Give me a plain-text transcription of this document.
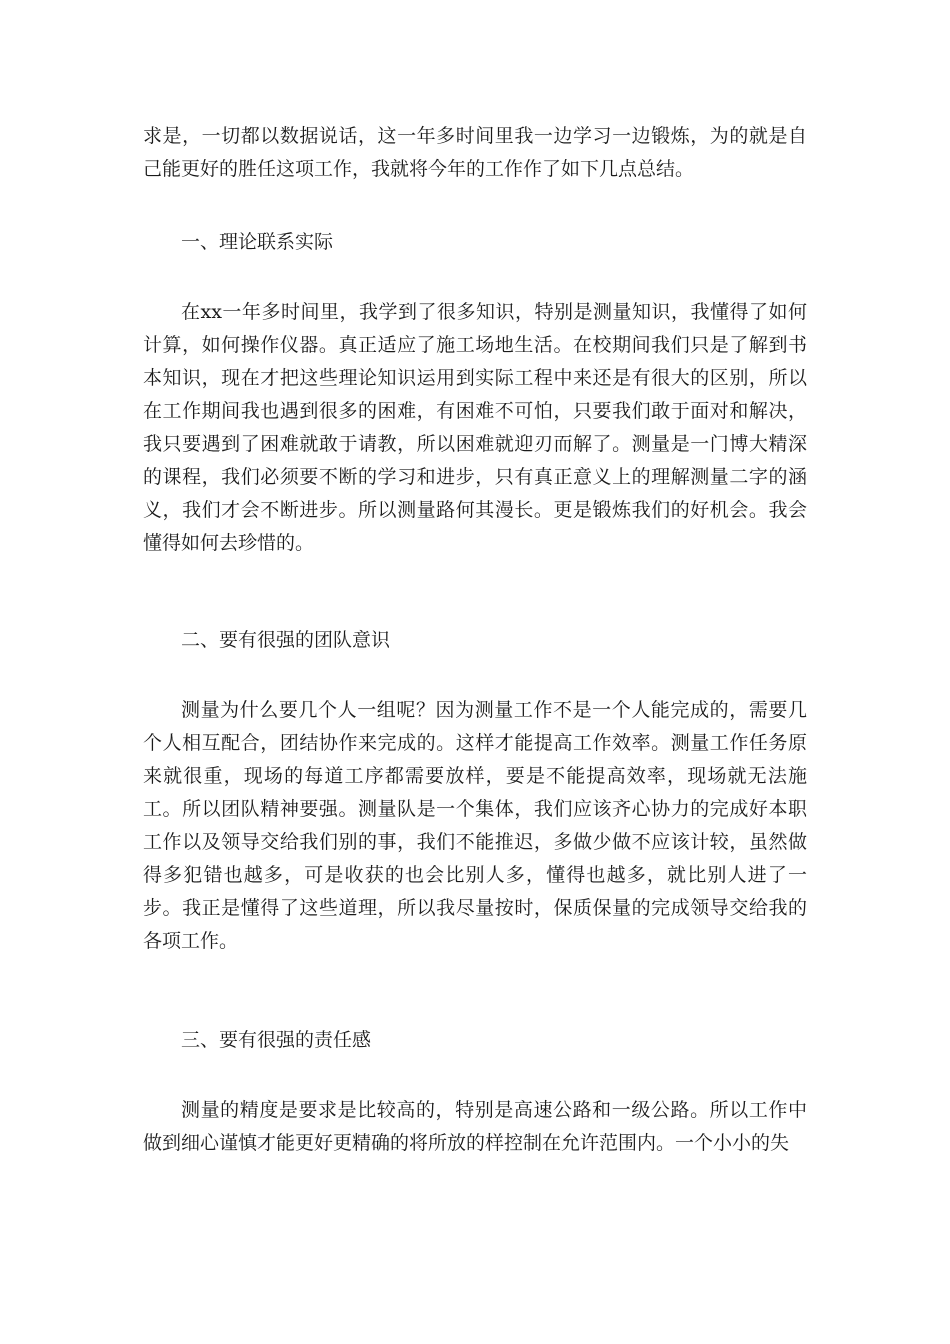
求是，一切都以数据说话，这一年多时间里我一边学习一边锻炼，为的就是自己能更好的胜任这项工作，我就将今年的工作作了如下几点总结。

一、理论联系实际

在xx一年多时间里，我学到了很多知识，特别是测量知识，我懂得了如何计算，如何操作仪器。真正适应了施工场地生活。在校期间我们只是了解到书本知识，现在才把这些理论知识运用到实际工程中来还是有很大的区别，所以在工作期间我也遇到很多的困难，有困难不可怕，只要我们敢于面对和解决，我只要遇到了困难就敢于请教，所以困难就迎刃而解了。测量是一门博大精深的课程，我们必须要不断的学习和进步，只有真正意义上的理解测量二字的涵义，我们才会不断进步。所以测量路何其漫长。更是锻炼我们的好机会。我会懂得如何去珍惜的。

二、要有很强的团队意识

测量为什么要几个人一组呢？因为测量工作不是一个人能完成的，需要几个人相互配合，团结协作来完成的。这样才能提高工作效率。测量工作任务原来就很重，现场的每道工序都需要放样，要是不能提高效率，现场就无法施工。所以团队精神要强。测量队是一个集体，我们应该齐心协力的完成好本职工作以及领导交给我们别的事，我们不能推迟，多做少做不应该计较，虽然做得多犯错也越多，可是收获的也会比别人多，懂得也越多，就比别人进了一步。我正是懂得了这些道理，所以我尽量按时，保质保量的完成领导交给我的各项工作。

三、要有很强的责任感

测量的精度是要求是比较高的，特别是高速公路和一级公路。所以工作中做到细心谨慎才能更好更精确的将所放的样控制在允许范围内。一个小小的失
